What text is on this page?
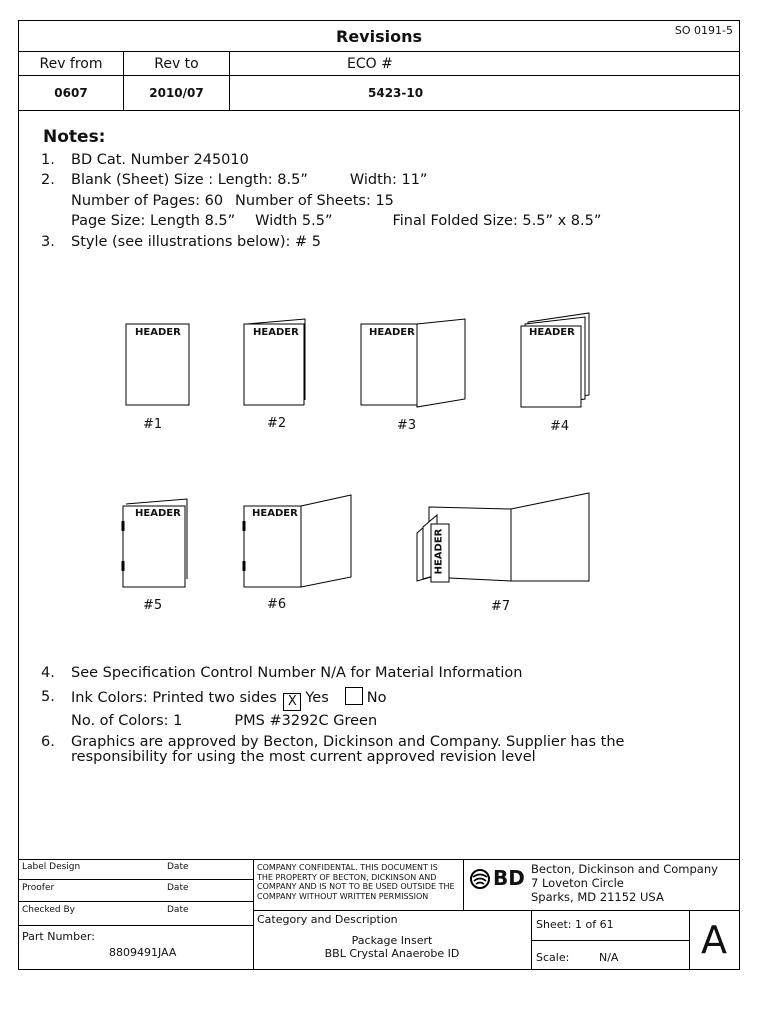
Revisions	SO 0191-5
Rev from	Rev to	ECO #
0607	2010/07	5423-10
Notes:
1.	BD Cat. Number 245010
2.	Blank (Sheet) Size : Length: 8.5”	Width: 11”
Number of Pages: 60 Number of Sheets: 15
Page Size: Length 8.5” Width 5.5”	Final Folded Size: 5.5” x 8.5”
3.	Style (see illustrations below): # 5
HEADER	HEADER	HEADER	HEADER
HEADER	HEADER
HEADER
#1	#2	#3	#4
#5	#6	#7
4.	See Specification Control Number N/A for Material Information
5.	Ink Colors: Printed two sides X Yes	No
No. of Colors: 1	PMS #3292C Green
6.	Graphics are approved by Becton, Dickinson and Company. Supplier has the
responsibility for using the most current approved revision level
Label Design	Date
Proofer	Date
Checked By	Date
Part Number:
8809491JAA
COMPANY CONFIDENTAL. THIS DOCUMENT IS
THE PROPERTY OF BECTON, DICKINSON AND
COMPANY AND IS NOT TO BE USED OUTSIDE THE
COMPANY WITHOUT WRITTEN PERMISSION
BD Becton, Dickinson and Company
7 Loveton Circle
Sparks, MD 21152 USA
Category and Description
Package Insert
BBL Crystal Anaerobe ID
Sheet: 1 of 61
Scale:	N/A A
